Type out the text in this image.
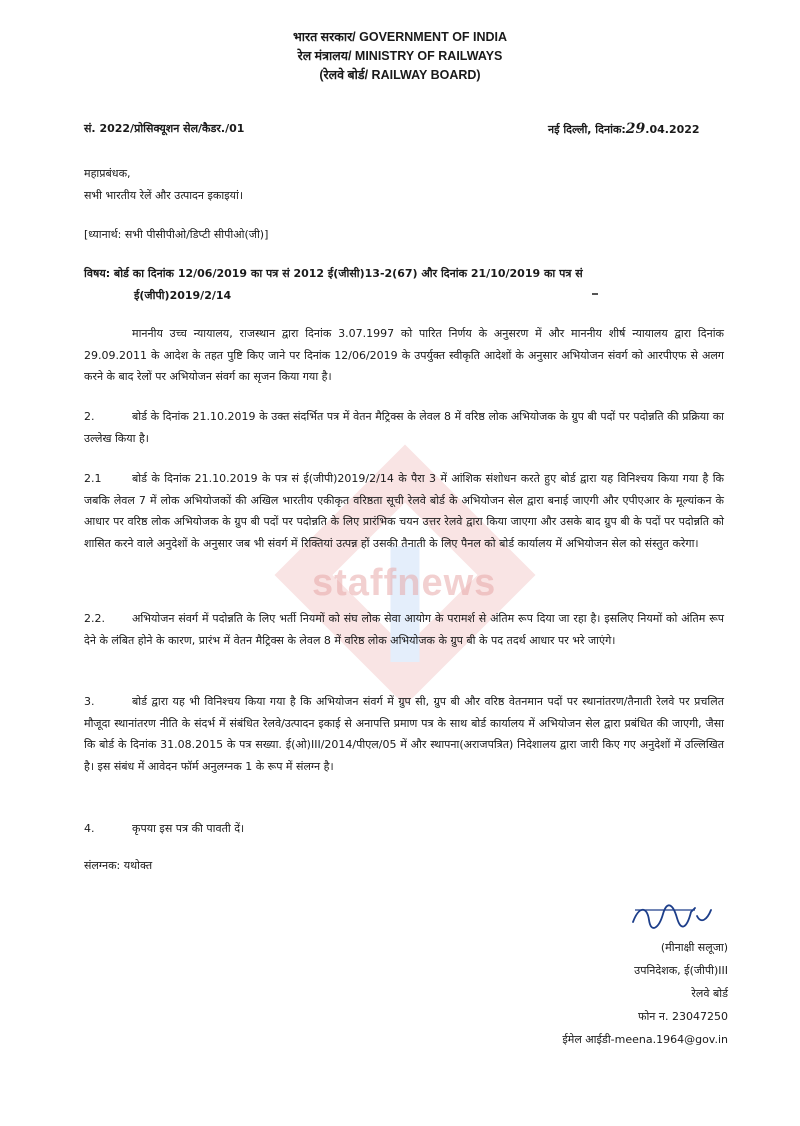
staffnews
भारत सरकार/ GOVERNMENT OF INDIA
रेल मंत्रालय/ MINISTRY OF RAILWAYS
(रेलवे बोर्ड/ RAILWAY BOARD)
सं. 2022/प्रोसिक्यूशन सेल/कैडर./01	नई दिल्ली, दिनांक:29.04.2022
महाप्रबंधक,
सभी भारतीय रेलें और उत्पादन इकाइयां।
[ध्यानार्थ: सभी पीसीपीओ/डिप्टी सीपीओ(जी)]
विषय: बोर्ड का दिनांक 12/06/2019 का पत्र सं 2012 ई(जीसी)13-2(67) और दिनांक 21/10/2019 का पत्र सं
ई(जीपी)2019/2/14
माननीय उच्च न्यायालय, राजस्थान द्वारा दिनांक 3.07.1997 को पारित निर्णय के अनुसरण में और माननीय शीर्ष न्यायालय द्वारा दिनांक 29.09.2011 के आदेश के तहत पुष्टि किए जाने पर दिनांक 12/06/2019 के उपर्युक्त स्वीकृति आदेशों के अनुसार अभियोजन संवर्ग को आरपीएफ से अलग करने के बाद रेलों पर अभियोजन संवर्ग का सृजन किया गया है।
2.	बोर्ड के दिनांक 21.10.2019 के उक्त संदर्भित पत्र में वेतन मैट्रिक्स के लेवल 8 में वरिष्ठ लोक अभियोजक के ग्रुप बी पदों पर पदोन्नति की प्रक्रिया का उल्लेख किया है।
2.1	बोर्ड के दिनांक 21.10.2019 के पत्र सं ई(जीपी)2019/2/14 के पैरा 3 में आंशिक संशोधन करते हुए बोर्ड द्वारा यह विनिश्चय किया गया है कि जबकि लेवल 7 में लोक अभियोजकों की अखिल भारतीय एकीकृत वरिष्ठता सूची रेलवे बोर्ड के अभियोजन सेल द्वारा बनाई जाएगी और एपीएआर के मूल्यांकन के आधार पर वरिष्ठ लोक अभियोजक के ग्रुप बी पदों पर पदोन्नति के लिए प्रारंभिक चयन उत्तर रेलवे द्वारा किया जाएगा और उसके बाद ग्रुप बी के पदों पर पदोन्नति को शासित करने वाले अनुदेशों के अनुसार जब भी संवर्ग में रिक्तियां उत्पन्न हों उसकी तैनाती के लिए पैनल को बोर्ड कार्यालय में अभियोजन सेल को संस्तुत करेगा।
2.2. अभियोजन संवर्ग में पदोन्नति के लिए भर्ती नियमों को संघ लोक सेवा आयोग के परामर्श से अंतिम रूप दिया जा रहा है। इसलिए नियमों को अंतिम रूप देने के लंबित होने के कारण, प्रारंभ में वेतन मैट्रिक्स के लेवल 8 में वरिष्ठ लोक अभियोजक के ग्रुप बी के पद तदर्थ आधार पर भरे जाएंगे।
3.	बोर्ड द्वारा यह भी विनिश्चय किया गया है कि अभियोजन संवर्ग में ग्रुप सी, ग्रुप बी और वरिष्ठ वेतनमान पदों पर स्थानांतरण/तैनाती रेलवे पर प्रचलित मौजूदा स्थानांतरण नीति के संदर्भ में संबंधित रेलवे/उत्पादन इकाई से अनापत्ति प्रमाण पत्र के साथ बोर्ड कार्यालय में अभियोजन सेल द्वारा प्रबंधित की जाएगी, जैसा कि बोर्ड के दिनांक 31.08.2015 के पत्र सख्या. ई(ओ)III/2014/पीएल/05 में और स्थापना(अराजपत्रित) निदेशालय द्वारा जारी किए गए अनुदेशों में उल्लिखित है। इस संबंध में आवेदन फॉर्म अनुलग्नक 1 के रूप में संलग्न है।
4.	कृपया इस पत्र की पावती दें।
संलग्नक: यथोक्त
(मीनाक्षी सलूजा)
उपनिदेशक, ई(जीपी)III
रेलवे बोर्ड
फोन न. 23047250
ईमेल आईडी-meena.1964@gov.in
